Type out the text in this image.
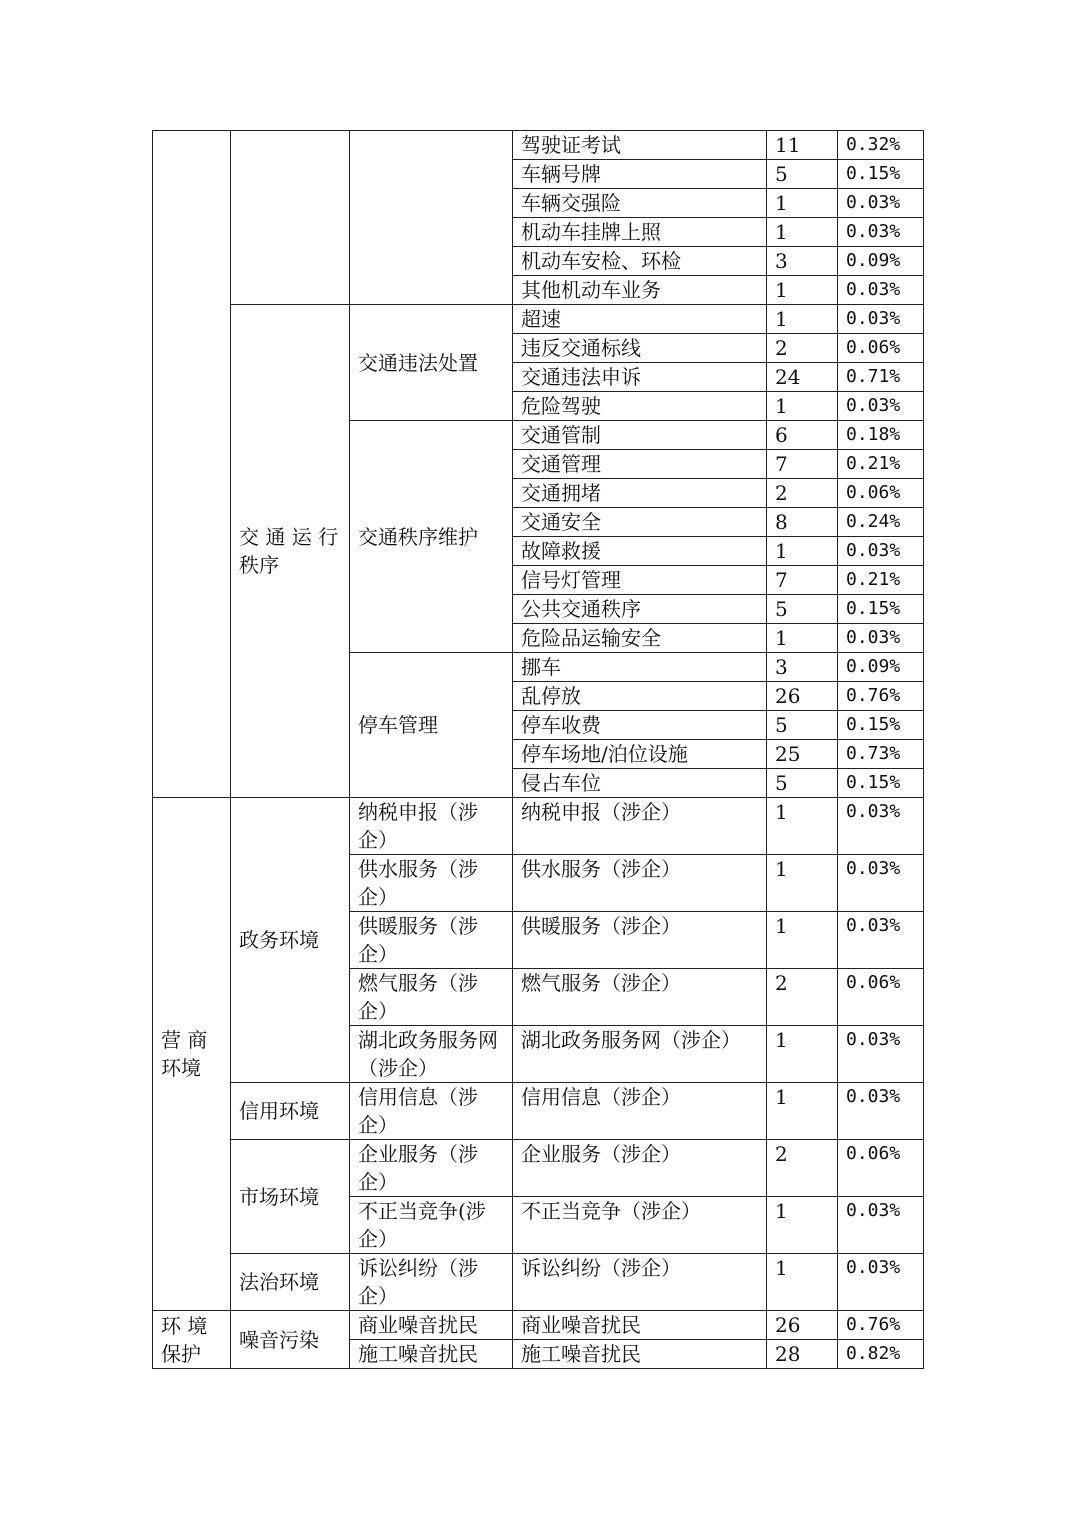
			驾驶证考试	11	0.32%
			车辆号牌	5	0.15%
			车辆交强险	1	0.03%
			机动车挂牌上照	1	0.03%
			机动车安检、环检	3	0.09%
			其他机动车业务	1	0.03%
	交 通 运 行 秩序	交通违法处置	超速	1	0.03%
			违反交通标线	2	0.06%
			交通违法申诉	24	0.71%
			危险驾驶	1	0.03%
		交通秩序维护	交通管制	6	0.18%
			交通管理	7	0.21%
			交通拥堵	2	0.06%
			交通安全	8	0.24%
			故障救援	1	0.03%
			信号灯管理	7	0.21%
			公共交通秩序	5	0.15%
			危险品运输安全	1	0.03%
		停车管理	挪车	3	0.09%
			乱停放	26	0.76%
			停车收费	5	0.15%
			停车场地/泊位设施	25	0.73%
			侵占车位	5	0.15%
营 商 环境	政务环境	纳税申报（涉企）	纳税申报（涉企）	1	0.03%
		供水服务（涉企）	供水服务（涉企）	1	0.03%
		供暖服务（涉企）	供暖服务（涉企）	1	0.03%
		燃气服务（涉企）	燃气服务（涉企）	2	0.06%
		湖北政务服务网（涉企）	湖北政务服务网（涉企）	1	0.03%
	信用环境	信用信息（涉企）	信用信息（涉企）	1	0.03%
	市场环境	企业服务（涉企）	企业服务（涉企）	2	0.06%
		不正当竞争(涉企）	不正当竞争（涉企）	1	0.03%
	法治环境	诉讼纠纷（涉企）	诉讼纠纷（涉企）	1	0.03%
环 境 保护	噪音污染	商业噪音扰民	商业噪音扰民	26	0.76%
		施工噪音扰民	施工噪音扰民	28	0.82%
